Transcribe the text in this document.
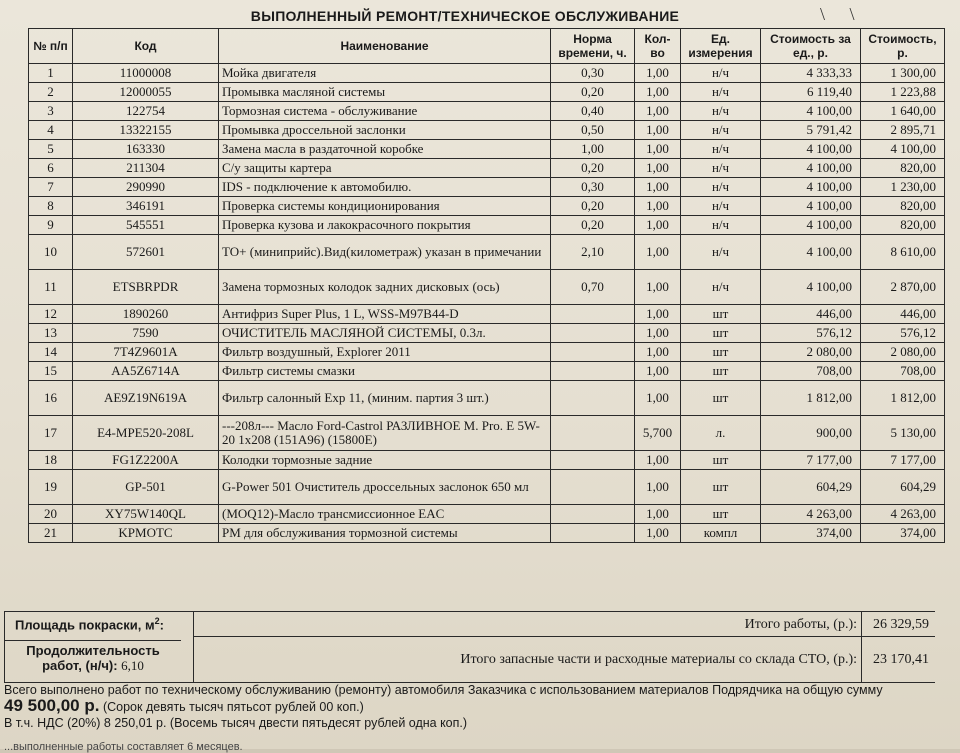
ВЫПОЛНЕННЫЙ РЕМОНТ/ТЕХНИЧЕСКОЕ ОБСЛУЖИВАНИЕ	\ \
№ п/п	Код	Наименование	Норма времени, ч.	Кол-во	Ед. измерения	Стоимость за ед., р.	Стоимость, р.
1	11000008	Мойка двигателя	0,30	1,00	н/ч	4 333,33	1 300,00
2	12000055	Промывка масляной системы	0,20	1,00	н/ч	6 119,40	1 223,88
3	122754	Тормозная система - обслуживание	0,40	1,00	н/ч	4 100,00	1 640,00
4	13322155	Промывка дроссельной заслонки	0,50	1,00	н/ч	5 791,42	2 895,71
5	163330	Замена масла в раздаточной коробке	1,00	1,00	н/ч	4 100,00	4 100,00
6	211304	С/у защиты картера	0,20	1,00	н/ч	4 100,00	820,00
7	290990	IDS - подключение к автомобилю.	0,30	1,00	н/ч	4 100,00	1 230,00
8	346191	Проверка системы кондиционирования	0,20	1,00	н/ч	4 100,00	820,00
9	545551	Проверка кузова и лакокрасочного покрытия	0,20	1,00	н/ч	4 100,00	820,00
10	572601	ТО+ (миниприйс).Вид(километраж) указан в примечании	2,10	1,00	н/ч	4 100,00	8 610,00
11	ETSBRPDR	Замена тормозных колодок задних дисковых (ось)	0,70	1,00	н/ч	4 100,00	2 870,00
12	1890260	Антифриз Super Plus, 1 L, WSS-M97B44-D		1,00	шт	446,00	446,00
13	7590	ОЧИСТИТЕЛЬ МАСЛЯНОЙ СИСТЕМЫ, 0.3л.		1,00	шт	576,12	576,12
14	7T4Z9601A	Фильтр воздушный, Explorer 2011		1,00	шт	2 080,00	2 080,00
15	AA5Z6714A	Фильтр системы смазки		1,00	шт	708,00	708,00
16	AE9Z19N619A	Фильтр салонный Exp 11, (миним. партия 3 шт.)		1,00	шт	1 812,00	1 812,00
17	E4-MPE520-208L	---208л--- Масло Ford-Castrol РАЗЛИВНОЕ M. Pro. E 5W-20 1x208 (151A96) (15800E)		5,700	л.	900,00	5 130,00
18	FG1Z2200A	Колодки тормозные задние		1,00	шт	7 177,00	7 177,00
19	GP-501	G-Power 501 Очиститель дроссельных заслонок 650 мл		1,00	шт	604,29	604,29
20	XY75W140QL	(MOQ12)-Масло трансмиссионное EAC		1,00	шт	4 263,00	4 263,00
21	KPMOTC	PM для обслуживания тормозной системы		1,00	компл	374,00	374,00
Площадь покраски, $м^2$:
Продолжительность работ, (н/ч): 6,10
Итого работы, (р.):	26 329,59
Итого запасные части и расходные материалы со склада СТО, (р.):	23 170,41
Всего выполнено работ по техническому обслуживанию (ремонту) автомобиля Заказчика с использованием материалов Подрядчика на общую сумму
49 500,00 р. (Сорок девять тысяч пятьсот рублей 00 коп.)
В т.ч. НДС (20%) 8 250,01 р. (Восемь тысяч двести пятьдесят рублей одна коп.)
...выполненные работы составляет 6 месяцев.
